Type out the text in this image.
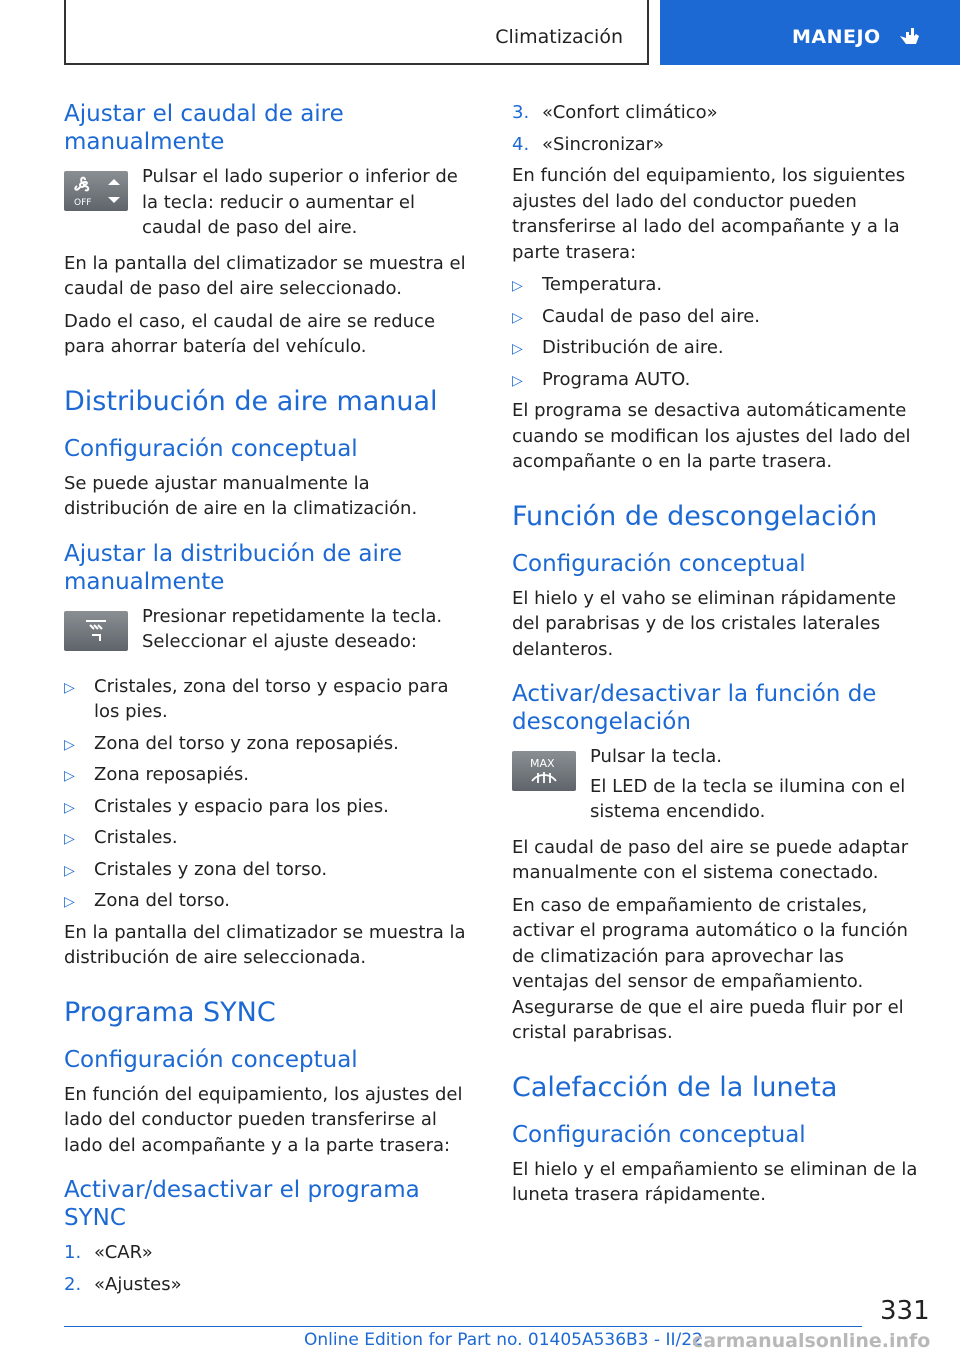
Climatización	MANEJO
Ajustar el caudal de aire manualmente
OFF
Pulsar el lado superior o inferior de la tecla: reducir o aumentar el caudal de paso del aire.
En la pantalla del climatizador se muestra el caudal de paso del aire seleccionado.
Dado el caso, el caudal de aire se reduce para ahorrar batería del vehículo.
Distribución de aire manual
Configuración conceptual
Se puede ajustar manualmente la distribución de aire en la climatización.
Ajustar la distribución de aire manualmente
Presionar repetidamente la tecla. Seleccionar el ajuste deseado:
▷ Cristales, zona del torso y espacio para los pies.
▷ Zona del torso y zona reposapiés.
▷ Zona reposapiés.
▷ Cristales y espacio para los pies.
▷ Cristales.
▷ Cristales y zona del torso.
▷ Zona del torso.
En la pantalla del climatizador se muestra la distribución de aire seleccionada.
Programa SYNC
Configuración conceptual
En función del equipamiento, los ajustes del lado del conductor pueden transferirse al lado del acompañante y a la parte trasera:
Activar/desactivar el programa SYNC
1. «CAR»
2. «Ajustes»
3. «Confort climático»
4. «Sincronizar»
En función del equipamiento, los siguientes ajustes del lado del conductor pueden transferirse al lado del acompañante y a la parte trasera:
▷ Temperatura.
▷ Caudal de paso del aire.
▷ Distribución de aire.
▷ Programa AUTO.
El programa se desactiva automáticamente cuando se modifican los ajustes del lado del acompañante o en la parte trasera.
Función de descongelación
Configuración conceptual
El hielo y el vaho se eliminan rápidamente del parabrisas y de los cristales laterales delanteros.
Activar/desactivar la función de descongelación
MAX Pulsar la tecla.
El LED de la tecla se ilumina con el sistema encendido.
El caudal de paso del aire se puede adaptar manualmente con el sistema conectado.
En caso de empañamiento de cristales, activar el programa automático o la función de climatización para aprovechar las ventajas del sensor de empañamiento. Asegurarse de que el aire pueda fluir por el cristal parabrisas.
Calefacción de la luneta
Configuración conceptual
El hielo y el empañamiento se eliminan de la luneta trasera rápidamente.
331
Online Edition for Part no. 01405A536B3 - II/22
carmanualsonline.info
